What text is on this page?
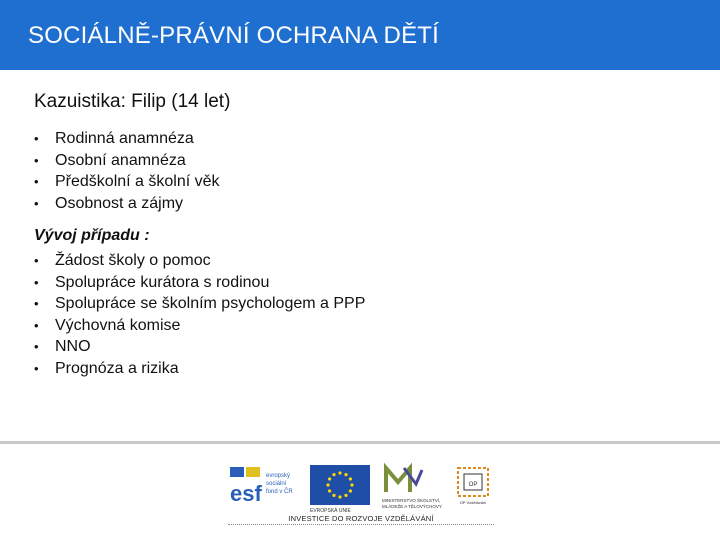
SOCIÁLNĚ-PRÁVNÍ OCHRANA DĚTÍ
Kazuistika: Filip (14 let)
•	Rodinná anamnéza
•	Osobní anamnéza
•	Předškolní a školní věk
•	Osobnost a zájmy
Vývoj případu :
•	Žádost školy o pomoc
•	Spolupráce kurátora s rodinou
•	Spolupráce se školním psychologem a PPP
•	Výchovná komise
•	NNO
•	Prognóza a rizika
esf
evropský
sociální
fond v ČR
EVROPSKÁ UNIE
MINISTERSTVO ŠKOLSTVÍ,
MLÁDEŽE A TĚLOVÝCHOVY
OP
OP Vzdělávání
INVESTICE DO ROZVOJE VZDĚLÁVÁNÍ
